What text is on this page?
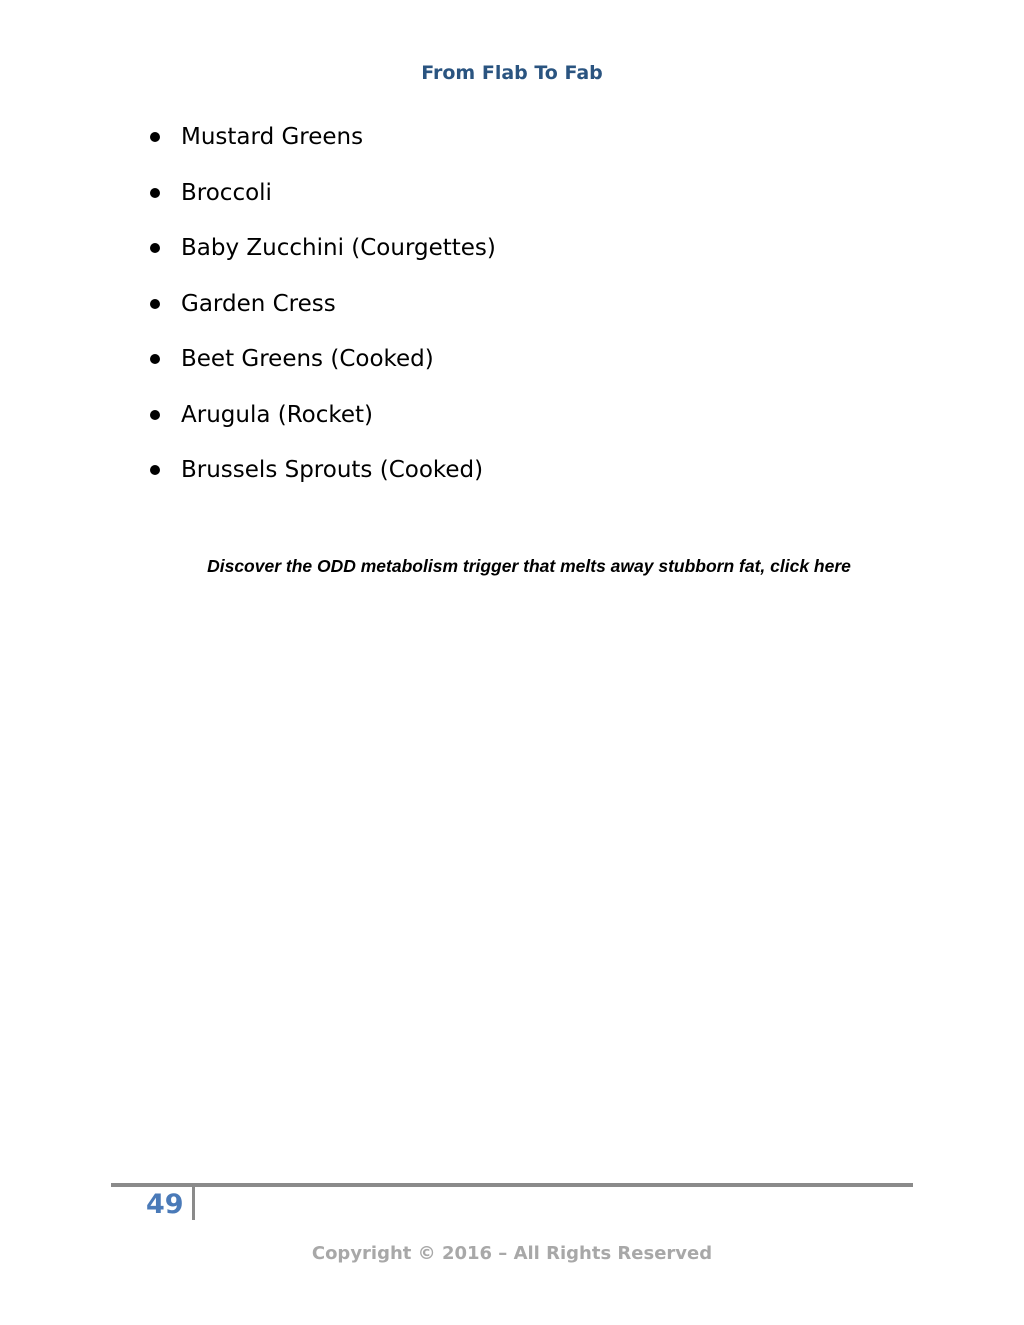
From Flab To Fab
Mustard Greens
Broccoli
Baby Zucchini (Courgettes)
Garden Cress
Beet Greens (Cooked)
Arugula (Rocket)
Brussels Sprouts (Cooked)
Discover the ODD metabolism trigger that melts away stubborn fat, click here
49
Copyright © 2016 – All Rights Reserved
